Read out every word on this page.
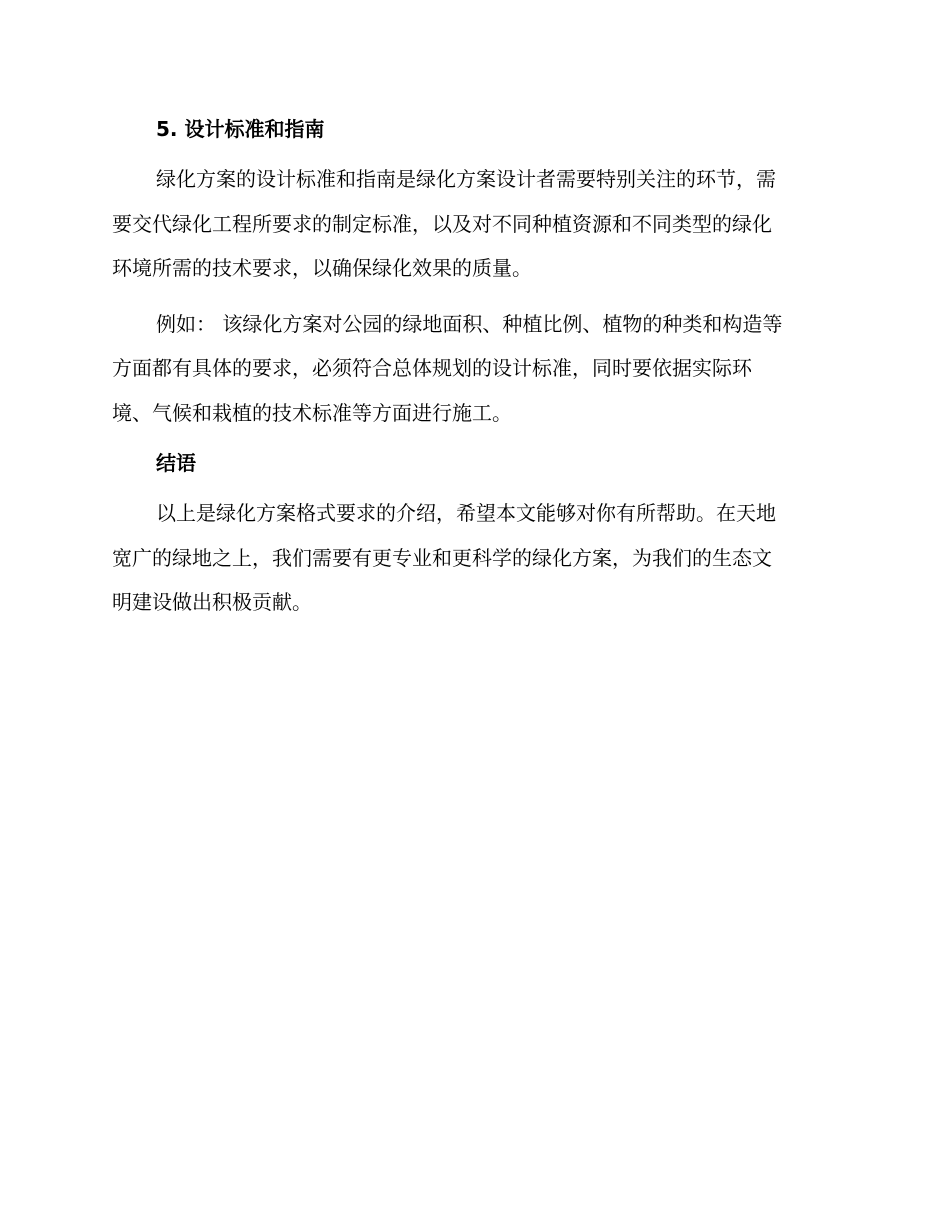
5. 设计标准和指南
绿化方案的设计标准和指南是绿化方案设计者需要特别关注的环节，需
要交代绿化工程所要求的制定标准，以及对不同种植资源和不同类型的绿化
环境所需的技术要求，以确保绿化效果的质量。
例如： 该绿化方案对公园的绿地面积、种植比例、植物的种类和构造等
方面都有具体的要求，必须符合总体规划的设计标准，同时要依据实际环
境、气候和栽植的技术标准等方面进行施工。
结语
以上是绿化方案格式要求的介绍，希望本文能够对你有所帮助。在天地
宽广的绿地之上，我们需要有更专业和更科学的绿化方案，为我们的生态文
明建设做出积极贡献。
